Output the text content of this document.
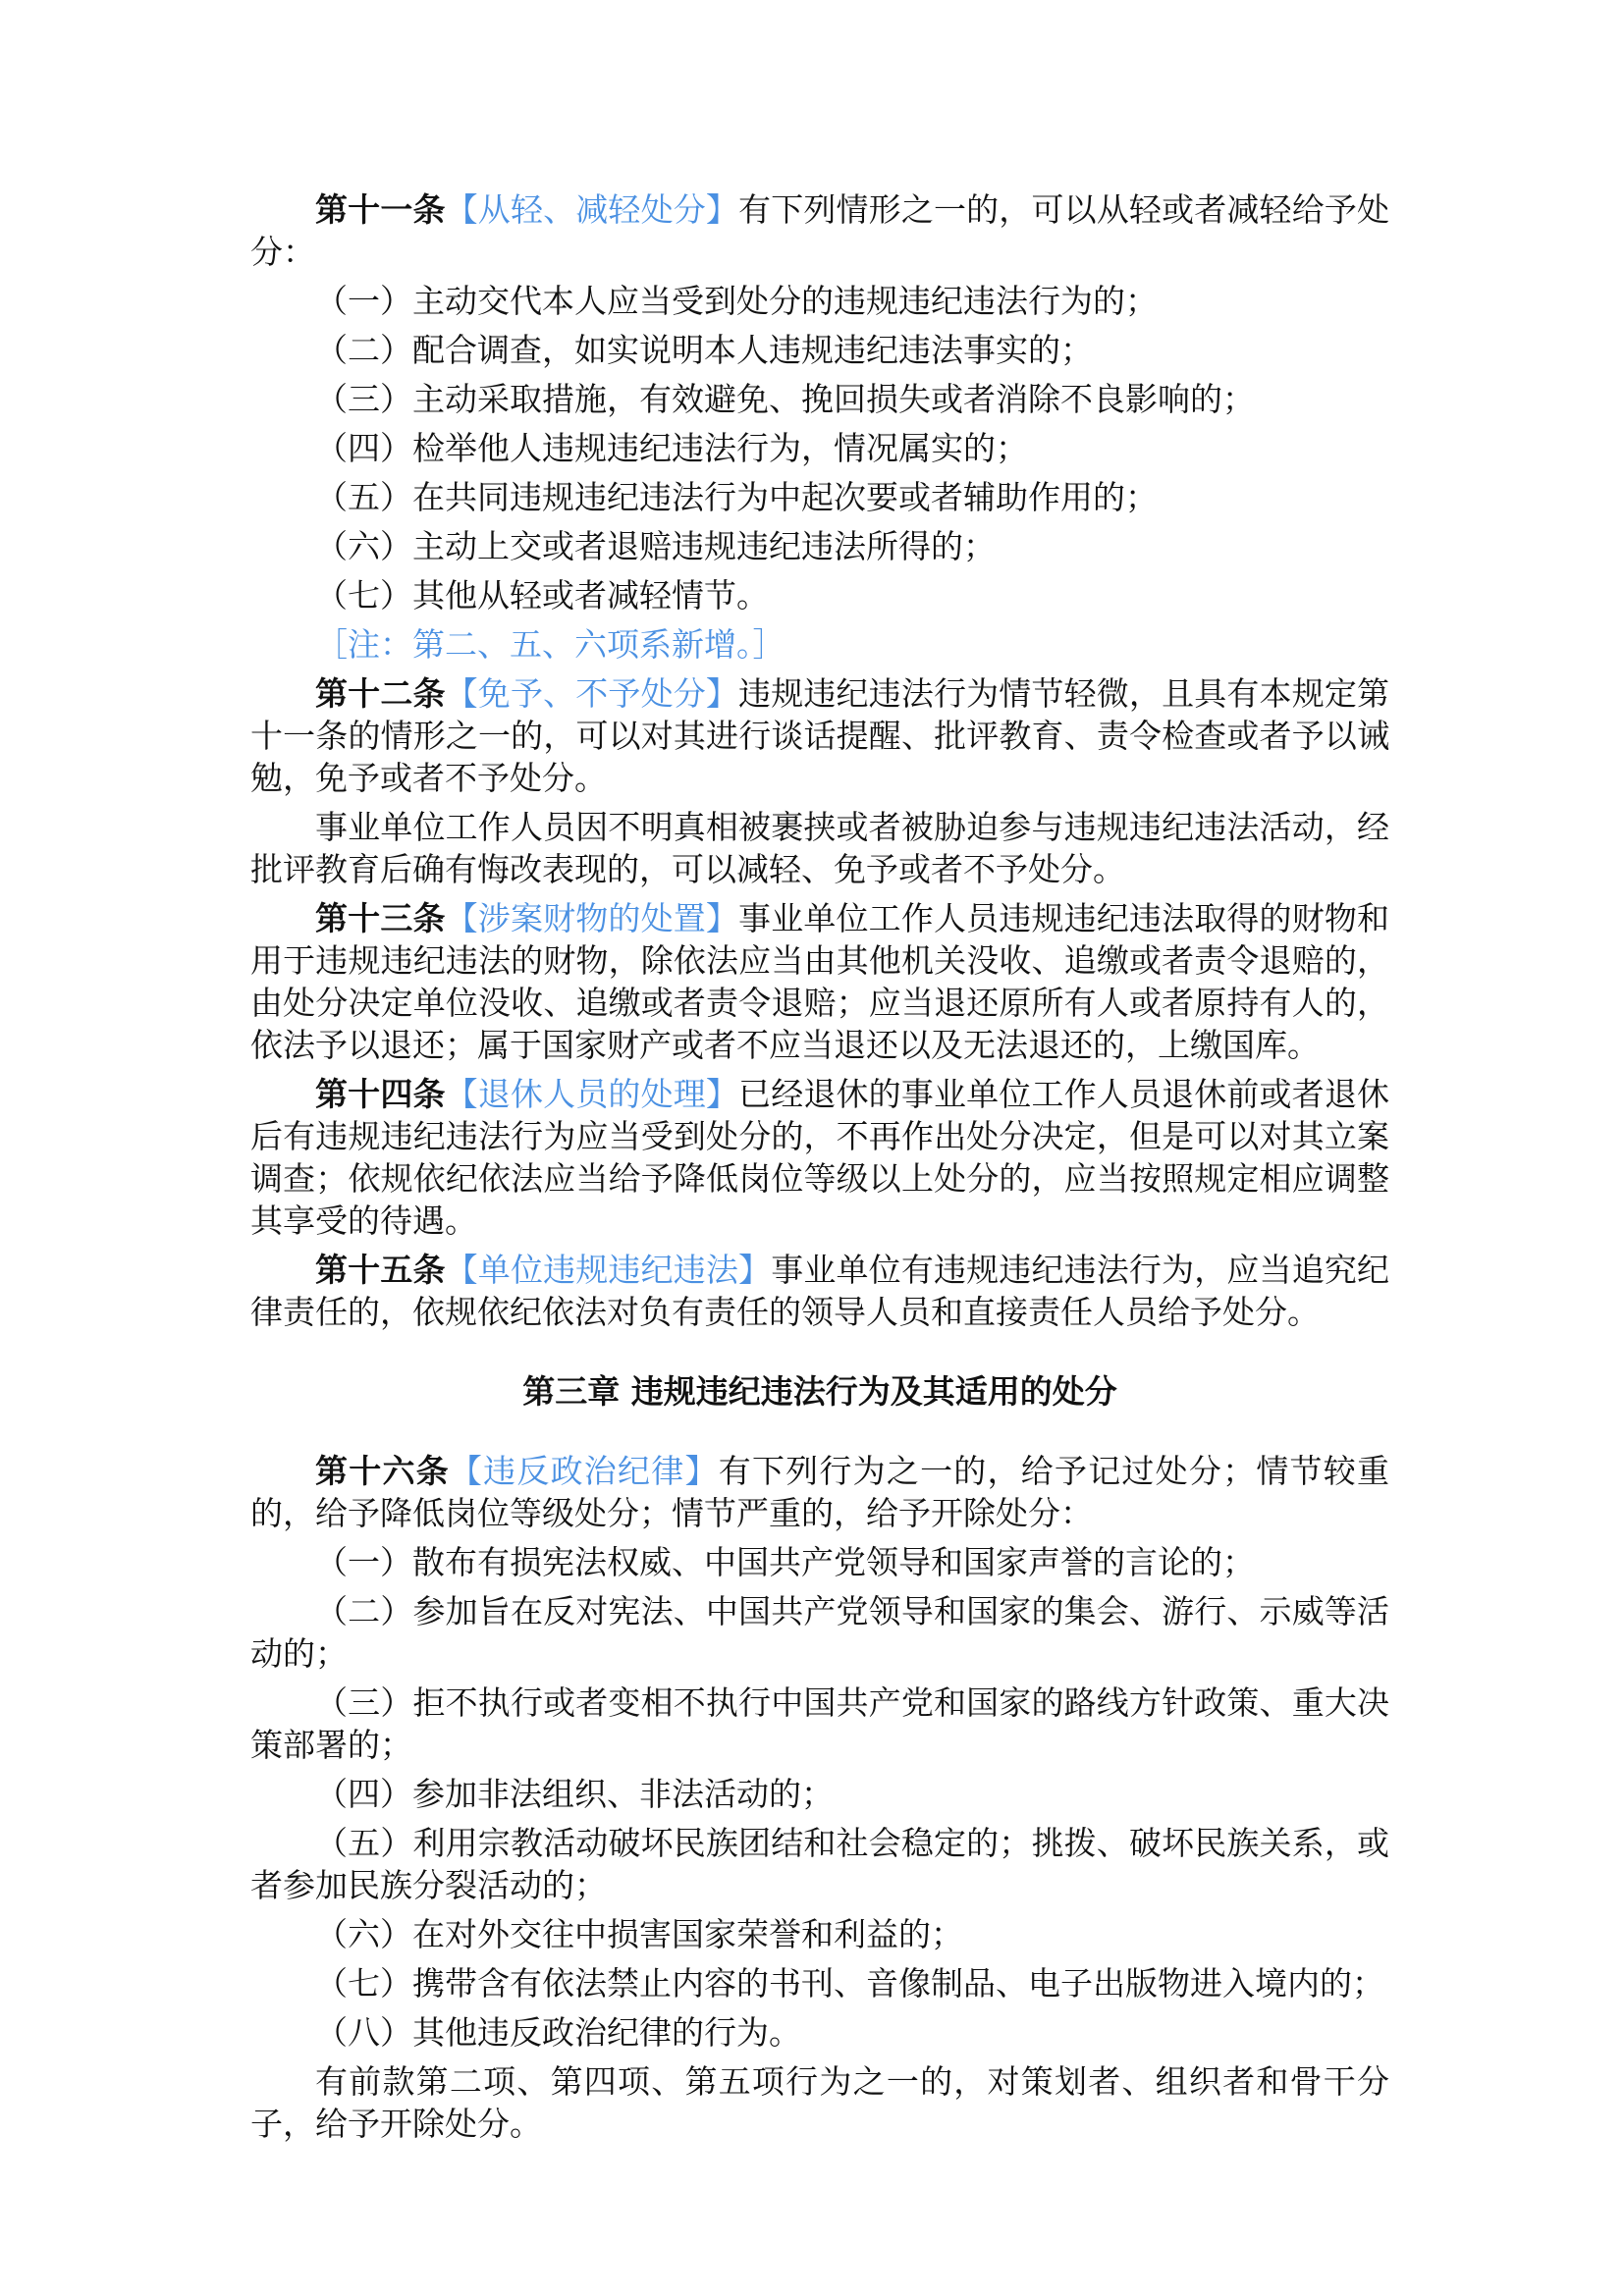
第十一条【从轻、减轻处分】有下列情形之一的，可以从轻或者减轻给予处分：

（一）主动交代本人应当受到处分的违规违纪违法行为的；

（二）配合调查，如实说明本人违规违纪违法事实的；

（三）主动采取措施，有效避免、挽回损失或者消除不良影响的；

（四）检举他人违规违纪违法行为，情况属实的；

（五）在共同违规违纪违法行为中起次要或者辅助作用的；

（六）主动上交或者退赔违规违纪违法所得的；

（七）其他从轻或者减轻情节。

［注：第二、五、六项系新增。］

第十二条【免予、不予处分】违规违纪违法行为情节轻微，且具有本规定第十一条的情形之一的，可以对其进行谈话提醒、批评教育、责令检查或者予以诫勉，免予或者不予处分。

事业单位工作人员因不明真相被裹挟或者被胁迫参与违规违纪违法活动，经批评教育后确有悔改表现的，可以减轻、免予或者不予处分。

第十三条【涉案财物的处置】事业单位工作人员违规违纪违法取得的财物和用于违规违纪违法的财物，除依法应当由其他机关没收、追缴或者责令退赔的，由处分决定单位没收、追缴或者责令退赔；应当退还原所有人或者原持有人的，依法予以退还；属于国家财产或者不应当退还以及无法退还的，上缴国库。

第十四条【退休人员的处理】已经退休的事业单位工作人员退休前或者退休后有违规违纪违法行为应当受到处分的，不再作出处分决定，但是可以对其立案调查；依规依纪依法应当给予降低岗位等级以上处分的，应当按照规定相应调整其享受的待遇。

第十五条【单位违规违纪违法】事业单位有违规违纪违法行为，应当追究纪律责任的，依规依纪依法对负有责任的领导人员和直接责任人员给予处分。

第三章 违规违纪违法行为及其适用的处分

第十六条【违反政治纪律】有下列行为之一的，给予记过处分；情节较重的，给予降低岗位等级处分；情节严重的，给予开除处分：

（一）散布有损宪法权威、中国共产党领导和国家声誉的言论的；

（二）参加旨在反对宪法、中国共产党领导和国家的集会、游行、示威等活动的；

（三）拒不执行或者变相不执行中国共产党和国家的路线方针政策、重大决策部署的；

（四）参加非法组织、非法活动的；

（五）利用宗教活动破坏民族团结和社会稳定的；挑拨、破坏民族关系，或者参加民族分裂活动的；

（六）在对外交往中损害国家荣誉和利益的；

（七）携带含有依法禁止内容的书刊、音像制品、电子出版物进入境内的；

（八）其他违反政治纪律的行为。

有前款第二项、第四项、第五项行为之一的，对策划者、组织者和骨干分子，给予开除处分。
